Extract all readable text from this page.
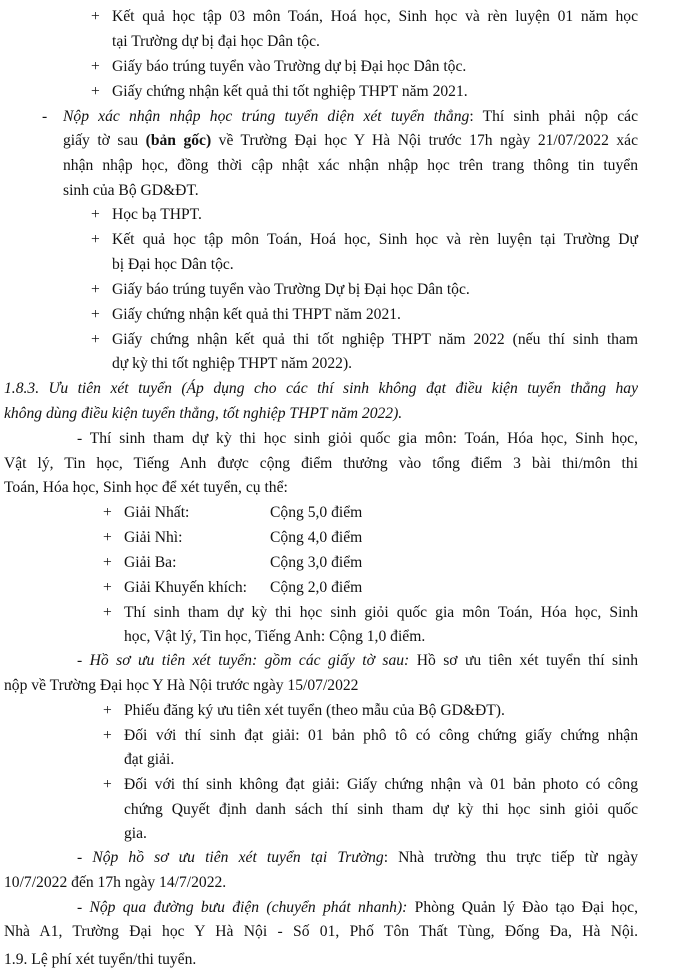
+ Kết quả học tập 03 môn Toán, Hoá học, Sinh học và rèn luyện 01 năm học
tại Trường dự bị đại học Dân tộc.
+ Giấy báo trúng tuyển vào Trường dự bị Đại học Dân tộc.
+ Giấy chứng nhận kết quả thi tốt nghiệp THPT năm 2021.
- Nộp xác nhận nhập học trúng tuyển diện xét tuyển thẳng: Thí sinh phải nộp các
giấy tờ sau (bản gốc) về Trường Đại học Y Hà Nội trước 17h ngày 21/07/2022 xác
nhận nhập học, đồng thời cập nhật xác nhận nhập học trên trang thông tin tuyển
sinh của Bộ GD&ĐT.
+ Học bạ THPT.
+ Kết quả học tập môn Toán, Hoá học, Sinh học và rèn luyện tại Trường Dự
bị Đại học Dân tộc.
+ Giấy báo trúng tuyển vào Trường Dự bị Đại học Dân tộc.
+ Giấy chứng nhận kết quả thi THPT năm 2021.
+ Giấy chứng nhận kết quả thi tốt nghiệp THPT năm 2022 (nếu thí sinh tham
dự kỳ thi tốt nghiệp THPT năm 2022).
1.8.3. Ưu tiên xét tuyển (Áp dụng cho các thí sinh không đạt điều kiện tuyển thẳng hay
không dùng điều kiện tuyển thẳng, tốt nghiệp THPT năm 2022).
- Thí sinh tham dự kỳ thi học sinh giỏi quốc gia môn: Toán, Hóa học, Sinh học,
Vật lý, Tin học, Tiếng Anh được cộng điểm thưởng vào tổng điểm 3 bài thi/môn thi
Toán, Hóa học, Sinh học để xét tuyển, cụ thể:
+ Giải Nhất:	Cộng 5,0 điểm
+ Giải Nhì:	Cộng 4,0 điểm
+ Giải Ba:	Cộng 3,0 điểm
+ Giải Khuyến khích: Cộng 2,0 điểm
+ Thí sinh tham dự kỳ thi học sinh giỏi quốc gia môn Toán, Hóa học, Sinh
học, Vật lý, Tin học, Tiếng Anh: Cộng 1,0 điểm.
- Hồ sơ ưu tiên xét tuyển: gồm các giấy tờ sau: Hồ sơ ưu tiên xét tuyển thí sinh
nộp về Trường Đại học Y Hà Nội trước ngày 15/07/2022
+ Phiếu đăng ký ưu tiên xét tuyển (theo mẫu của Bộ GD&ĐT).
+ Đối với thí sinh đạt giải: 01 bản phô tô có công chứng giấy chứng nhận
đạt giải.
+ Đối với thí sinh không đạt giải: Giấy chứng nhận và 01 bản photo có công
chứng Quyết định danh sách thí sinh tham dự kỳ thi học sinh giỏi quốc
gia.
- Nộp hồ sơ ưu tiên xét tuyển tại Trường: Nhà trường thu trực tiếp từ ngày
10/7/2022 đến 17h ngày 14/7/2022.
- Nộp qua đường bưu điện (chuyển phát nhanh): Phòng Quản lý Đào tạo Đại học,
Nhà A1, Trường Đại học Y Hà Nội - Số 01, Phố Tôn Thất Tùng, Đống Đa, Hà Nội.
1.9. Lệ phí xét tuyển/thi tuyển.
